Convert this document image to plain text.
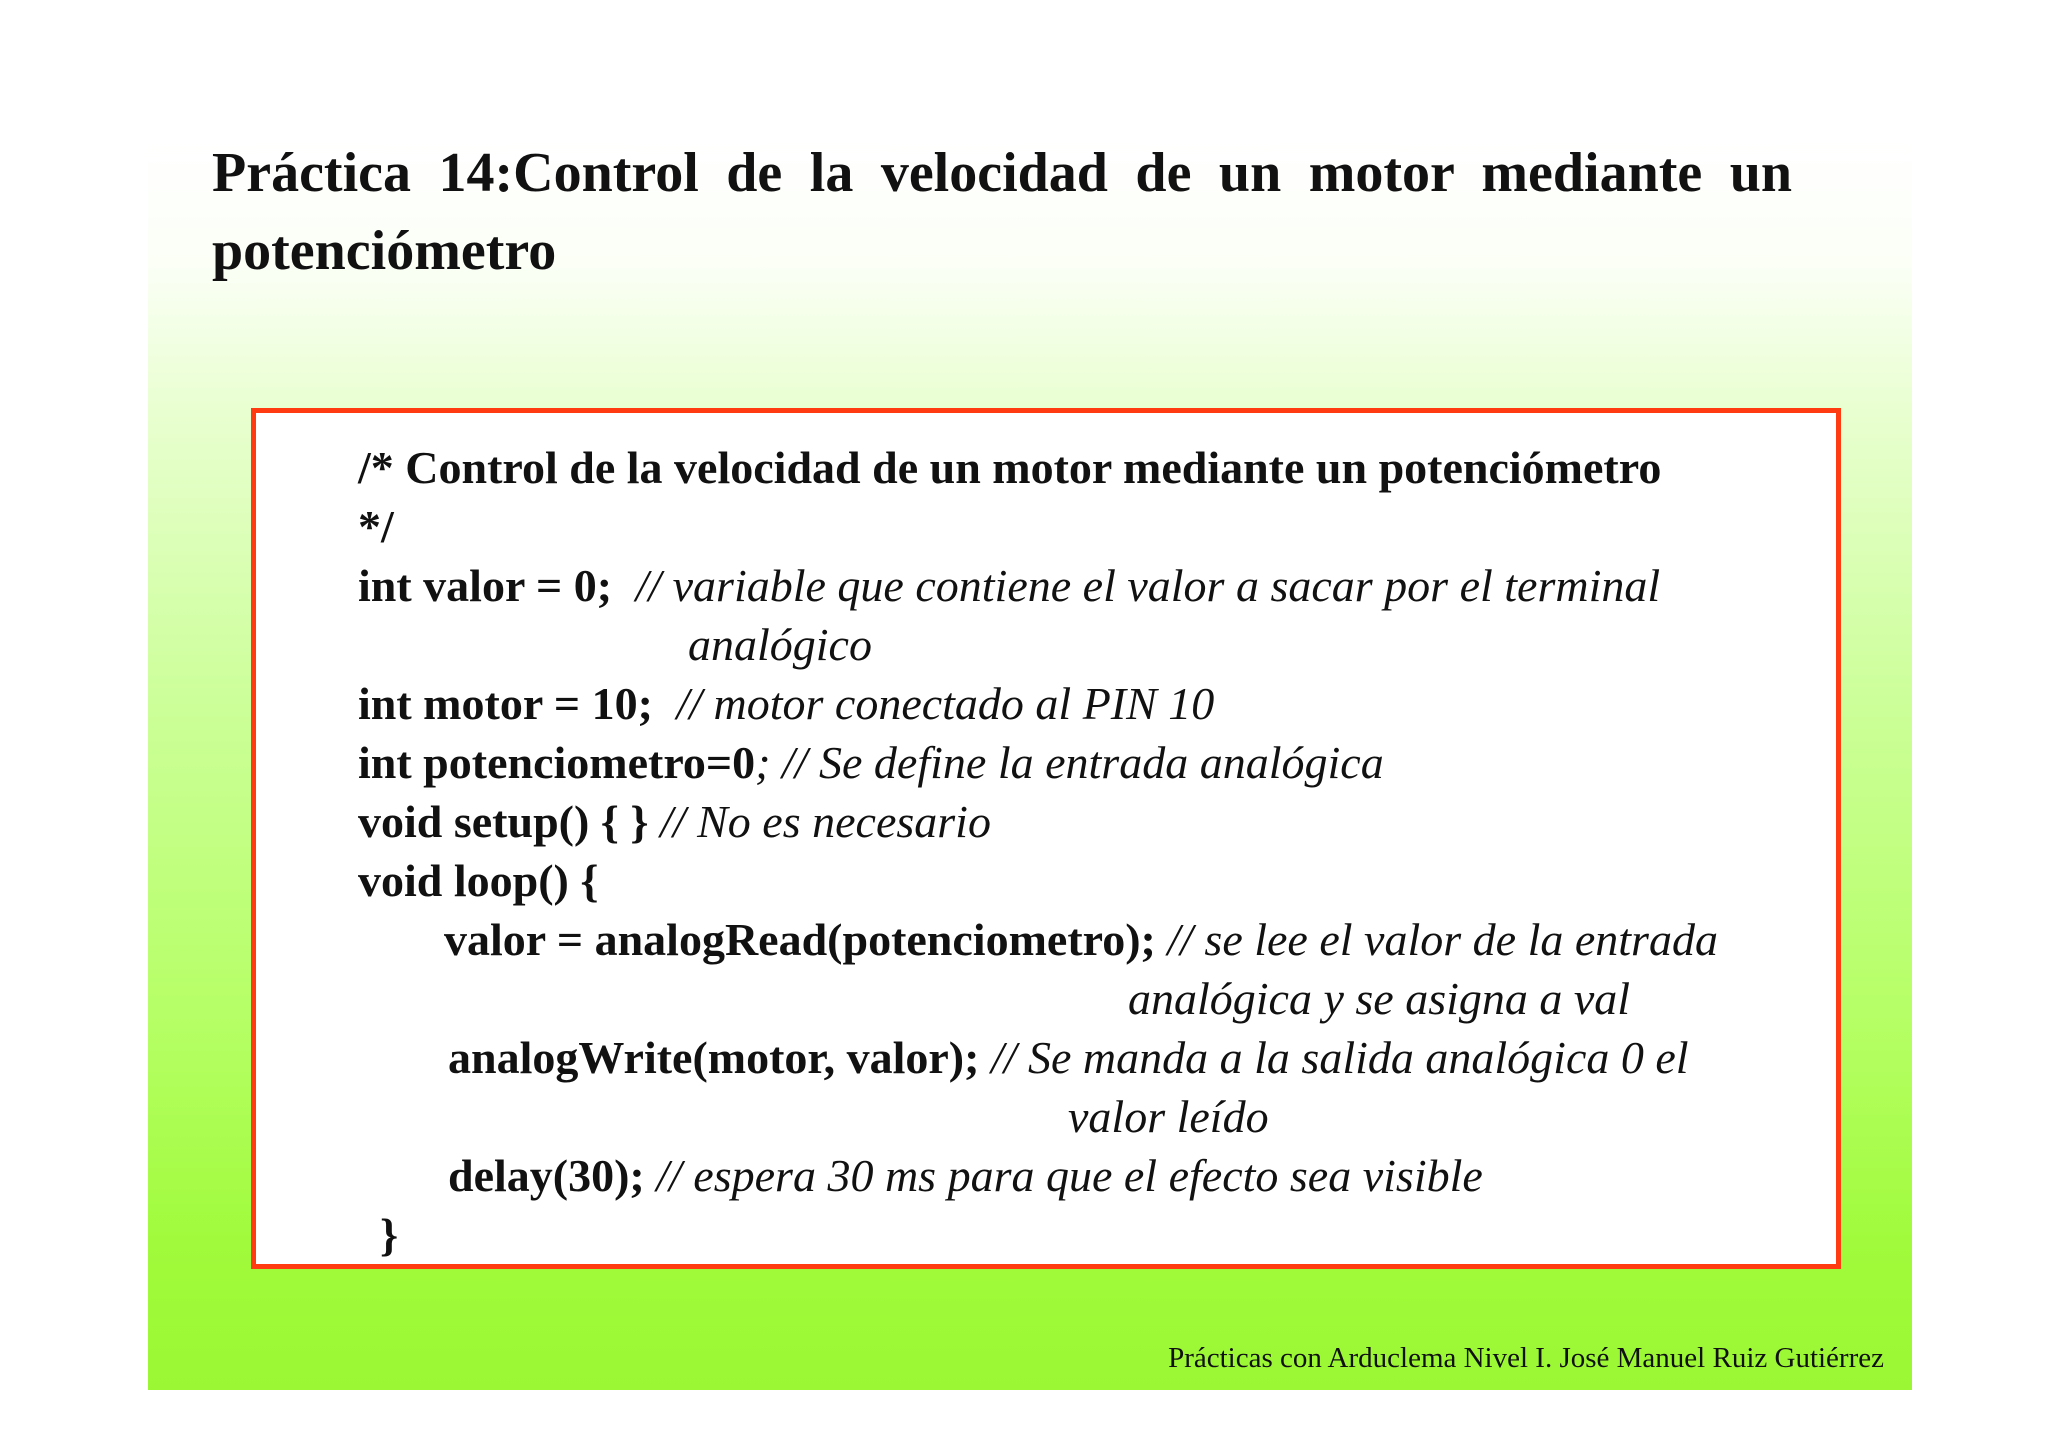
Práctica 14:Control de la velocidad de un motor mediante un potenciómetro
/* Control de la velocidad de un motor mediante un potenciómetro
*/
int valor = 0; // variable que contiene el valor a sacar por el terminal
analógico
int motor = 10; // motor conectado al PIN 10
int potenciometro=0; // Se define la entrada analógica
void setup() { } // No es necesario
void loop() {
valor = analogRead(potenciometro); // se lee el valor de la entrada
analógica y se asigna a val
analogWrite(motor, valor); // Se manda a la salida analógica 0 el
valor leído
delay(30); // espera 30 ms para que el efecto sea visible
}
Prácticas con Arduclema Nivel I. José Manuel Ruiz Gutiérrez
